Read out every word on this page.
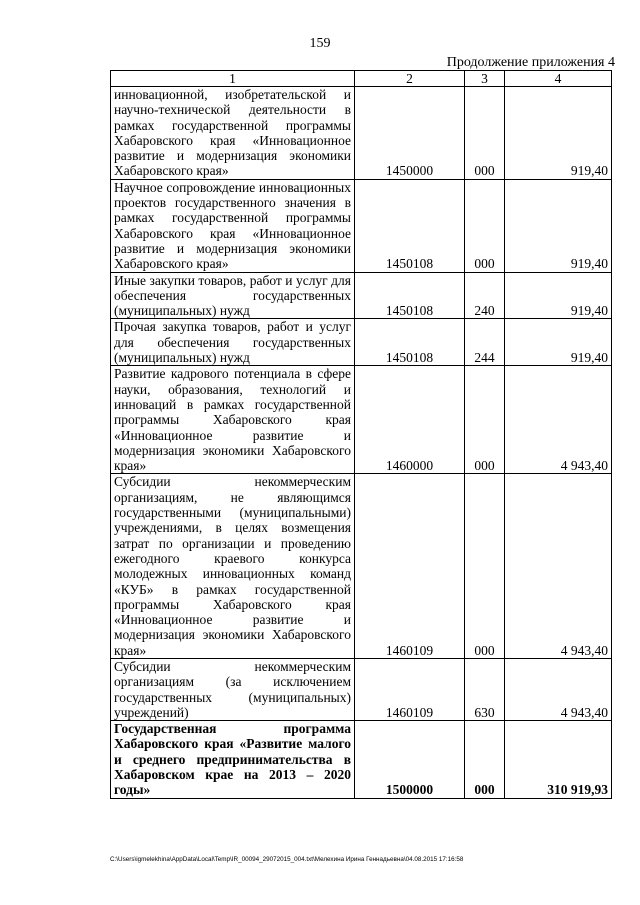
159
Продолжение приложения 4
1	2	3	4
инновационной, изобретательской и научно-технической деятельности в рамках государственной программы Хабаровского края «Инновационное развитие и модернизация экономики Хабаровского края»	1450000	000	919,40
Научное сопровождение инновационных проектов государственного значения в рамках государственной программы Хабаровского края «Инновационное развитие и модернизация экономики Хабаровского края»	1450108	000	919,40
Иные закупки товаров, работ и услуг для обеспечения государственных (муниципальных) нужд	1450108	240	919,40
Прочая закупка товаров, работ и услуг для обеспечения государственных (муниципальных) нужд	1450108	244	919,40
Развитие кадрового потенциала в сфере науки, образования, технологий и инноваций в рамках государственной программы Хабаровского края «Инновационное развитие и модернизация экономики Хабаровского края»	1460000	000	4 943,40
Субсидии некоммерческим организациям, не являющимся государственными (муниципальными) учреждениями, в целях возмещения затрат по организации и проведению ежегодного краевого конкурса молодежных инновационных команд «КУБ» в рамках государственной программы Хабаровского края «Инновационное развитие и модернизация экономики Хабаровского края»	1460109	000	4 943,40
Субсидии некоммерческим организациям (за исключением государственных (муниципальных) учреждений)	1460109	630	4 943,40
Государственная программа Хабаровского края «Развитие малого и среднего предпринимательства в Хабаровском крае на 2013 – 2020 годы»	1500000	000	310 919,93
C:\Users\igmelekhina\AppData\Local\Temp\IR_00094_29072015_004.txt\Мелехина Ирина Геннадьевна\04.08.2015 17:16:58
